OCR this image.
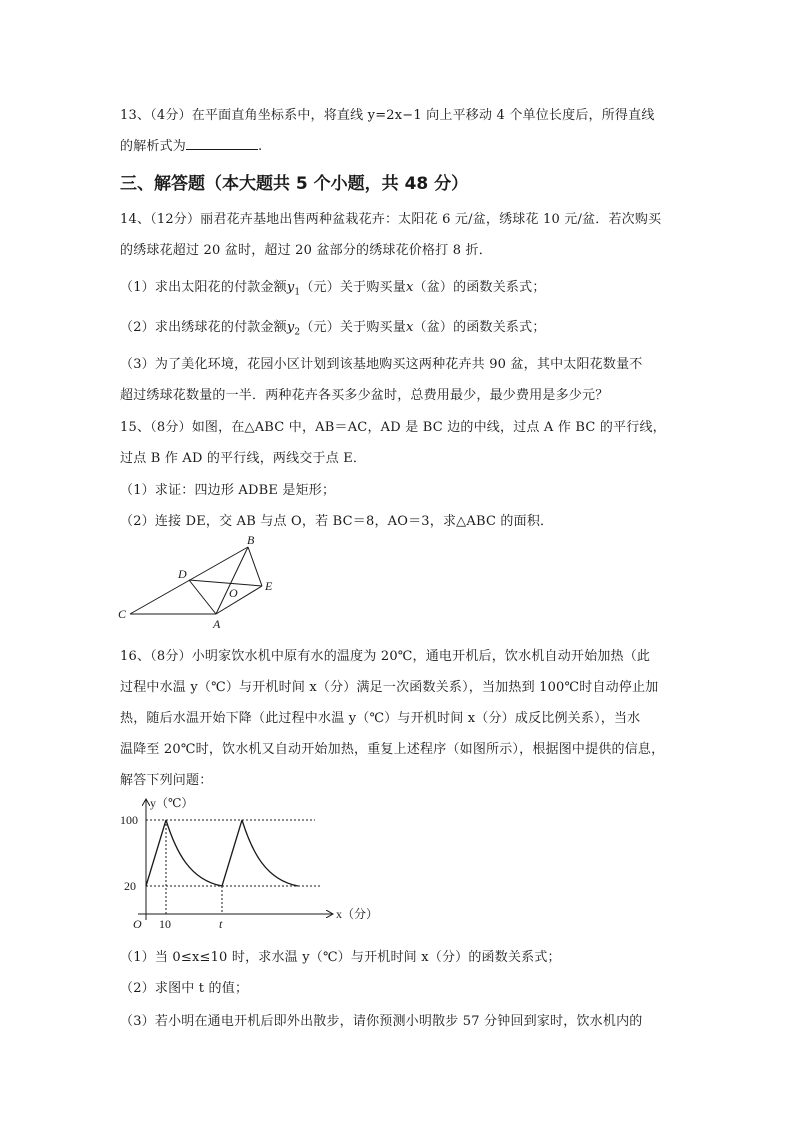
13、（4分）在平面直角坐标系中，将直线 y=2x−1 向上平移动 4 个单位长度后，所得直线
的解析式为	.
三、解答题（本大题共 5 个小题，共 48 分）
14、（12分）丽君花卉基地出售两种盆栽花卉：太阳花 6 元/盆，绣球花 10 元/盆．若次购买
的绣球花超过 20 盆时，超过 20 盆部分的绣球花价格打 8 折．
（1）求出太阳花的付款金额$y_1$（元）关于购买量x（盆）的函数关系式；
（2）求出绣球花的付款金额$y_2$（元）关于购买量x（盆）的函数关系式；
（3）为了美化环境，花园小区计划到该基地购买这两种花卉共 90 盆，其中太阳花数量不
超过绣球花数量的一半．两种花卉各买多少盆时，总费用最少，最少费用是多少元？
15、（8分）如图，在△ABC 中，AB＝AC，AD 是 BC 边的中线，过点 A 作 BC 的平行线，
过点 B 作 AD 的平行线，两线交于点 E．
（1）求证：四边形 ADBE 是矩形；
（2）连接 DE，交 AB 与点 O，若 BC＝8，AO＝3，求△ABC 的面积．
B
D
E
O
C
A
16、（8分）小明家饮水机中原有水的温度为 20℃，通电开机后，饮水机自动开始加热（此
过程中水温 y（℃）与开机时间 x（分）满足一次函数关系），当加热到 100℃时自动停止加
热，随后水温开始下降（此过程中水温 y（℃）与开机时间 x（分）成反比例关系），当水
温降至 20℃时，饮水机又自动开始加热，重复上述程序（如图所示），根据图中提供的信息，
解答下列问题：
y（℃）
x（分）
100
20
O 10	t
（1）当 0≤x≤10 时，求水温 y（℃）与开机时间 x（分）的函数关系式；
（2）求图中 t 的值；
（3）若小明在通电开机后即外出散步，请你预测小明散步 57 分钟回到家时，饮水机内的
